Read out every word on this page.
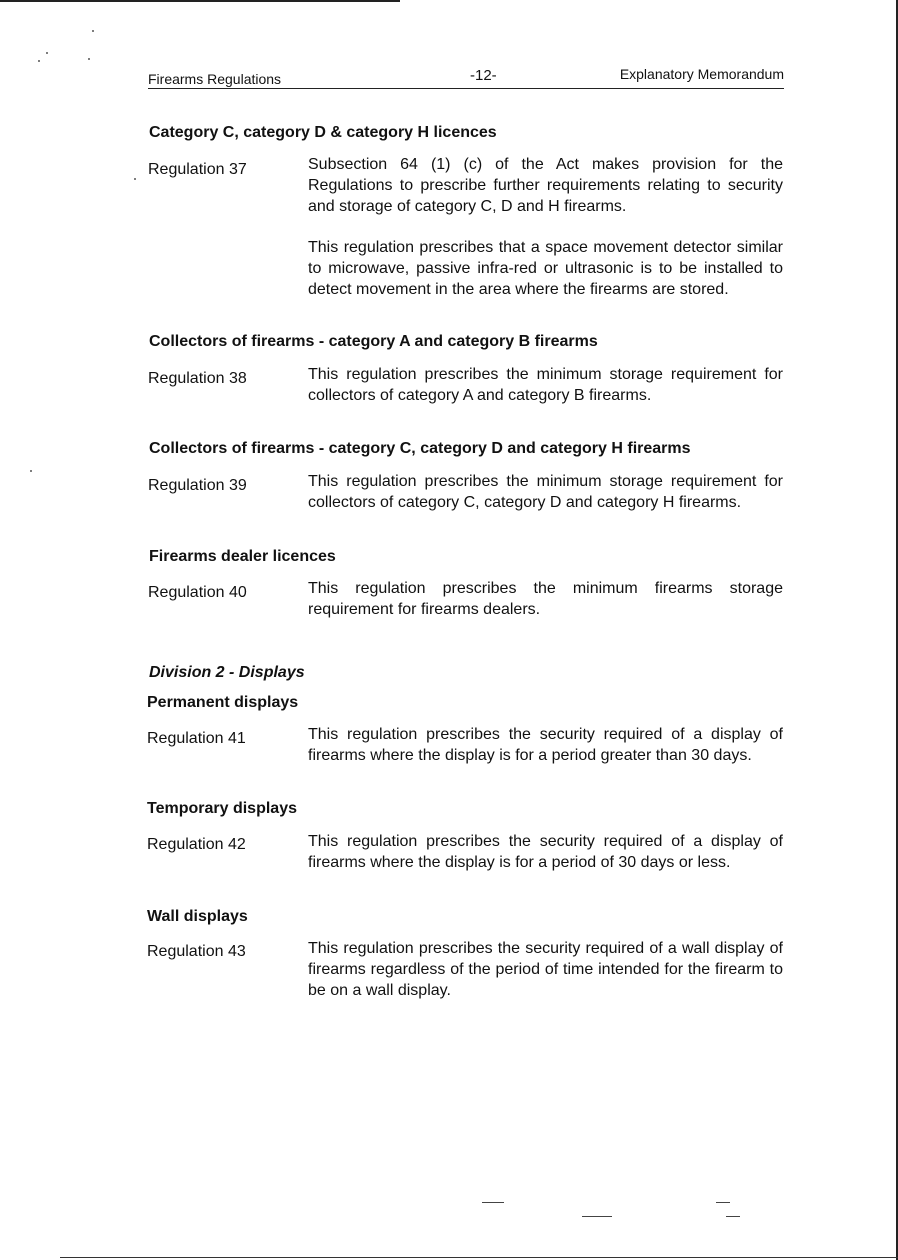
Firearms Regulations	-12-	Explanatory Memorandum
Category C, category D & category H licences
Regulation 37	Subsection 64 (1) (c) of the Act makes provision for the Regulations to prescribe further requirements relating to security and storage of category C, D and H firearms.
This regulation prescribes that a space movement detector similar to microwave, passive infra-red or ultrasonic is to be installed to detect movement in the area where the firearms are stored.
Collectors of firearms - category A and category B firearms
Regulation 38	This regulation prescribes the minimum storage requirement for collectors of category A and category B firearms.
Collectors of firearms - category C, category D and category H firearms
Regulation 39	This regulation prescribes the minimum storage requirement for collectors of category C, category D and category H firearms.
Firearms dealer licences
Regulation 40	This regulation prescribes the minimum firearms storage requirement for firearms dealers.
Division 2 - Displays
Permanent displays
Regulation 41	This regulation prescribes the security required of a display of firearms where the display is for a period greater than 30 days.
Temporary displays
Regulation 42	This regulation prescribes the security required of a display of firearms where the display is for a period of 30 days or less.
Wall displays
Regulation 43	This regulation prescribes the security required of a wall display of firearms regardless of the period of time intended for the firearm to be on a wall display.
